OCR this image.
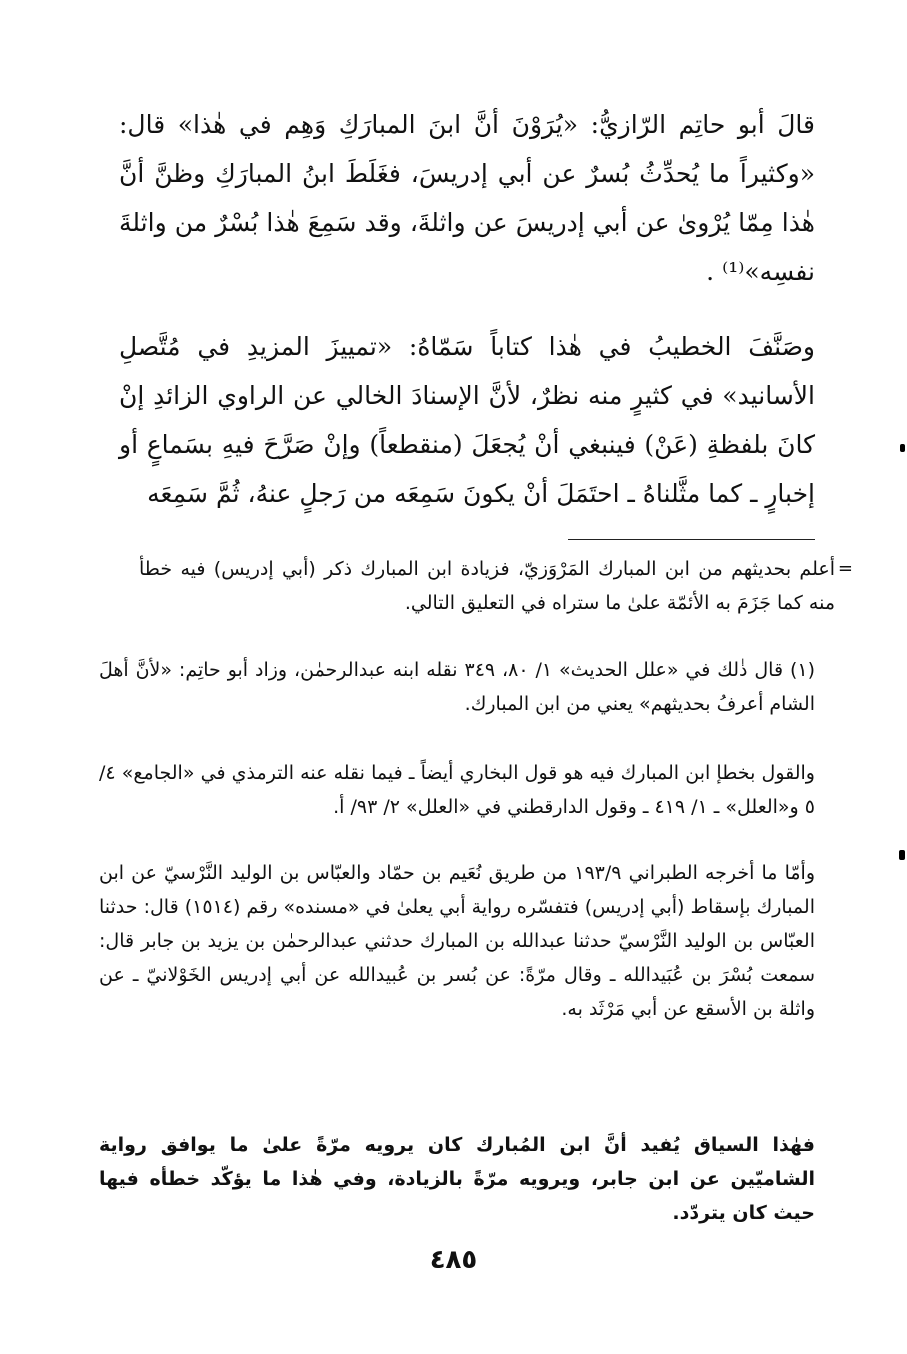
قالَ أبو حاتِم الرّازيُّ: «يُرَوْنَ أنَّ ابنَ المبارَكِ وَهِم في هٰذا» قال: «وكثيراً ما يُحدِّثُ بُسرٌ عن أبي إدريسَ، فغَلَطَ ابنُ المبارَكِ وظنَّ أنَّ هٰذا مِمّا يُرْوىٰ عن أبي إدريسَ عن واثلةَ، وقد سَمِعَ هٰذا بُسْرٌ من واثلةَ نفسِه»⁽¹⁾ .

وصَنَّفَ الخطيبُ في هٰذا كتاباً سَمّاهُ: «تمييزَ المزيدِ في مُتَّصلِ الأسانيد» في كثيرٍ منه نظرٌ، لأنَّ الإسنادَ الخالي عن الراوي الزائدِ إنْ كانَ بلفظةِ (عَنْ) فينبغي أنْ يُجعَلَ (منقطعاً) وإنْ صَرَّحَ فيهِ بسَماعٍ أو إخبارٍ ـ كما مثَّلناهُ ـ احتَمَلَ أنْ يكونَ سَمِعَه من رَجلٍ عنهُ، ثُمَّ سَمِعَه

=

أعلم بحديثهم من ابن المبارك المَرْوَزيّ، فزيادة ابن المبارك ذكر (أبي إدريس) فيه خطأ منه كما جَزَمَ به الأئمّة علىٰ ما ستراه في التعليق التالي.

(١) قال ذٰلك في «علل الحديث» ١/ ٨٠، ٣٤٩ نقله ابنه عبدالرحمٰن، وزاد أبو حاتِم: «لأنَّ أهلَ الشام أعرفُ بحديثهم» يعني من ابن المبارك.

والقول بخطإ ابن المبارك فيه هو قول البخاري أيضاً ـ فيما نقله عنه الترمذي في «الجامع» ٤/ ٥ و«العلل» ـ ١/ ٤١٩ ـ وقول الدارقطني في «العلل» ٢/ ٩٣/ أ.

وأمّا ما أخرجه الطبراني ١٩٣/٩ من طريق نُعَيم بن حمّاد والعبّاس بن الوليد النَّرْسيّ عن ابن المبارك بإسقاط (أبي إدريس) فتفسّره رواية أبي يعلىٰ في «مسنده» رقم (١٥١٤) قال: حدثنا العبّاس بن الوليد النَّرْسيّ حدثنا عبدالله بن المبارك حدثني عبدالرحمٰن بن يزيد بن جابر قال: سمعت بُسْرَ بن عُبَيدالله ـ وقال مرّةً: عن بُسر بن عُبيدالله عن أبي إدريس الخَوْلانيّ ـ عن واثلة بن الأسقع عن أبي مَرْثَد به.

فهٰذا السياق يُفيد أنَّ ابن المُبارك كان يرويه مرّةً علىٰ ما يوافق رواية الشاميّين عن ابن جابر، ويرويه مرّةً بالزيادة، وفي هٰذا ما يؤكّد خطأه فيها حيث كان يتردّد.

٤٨٥
